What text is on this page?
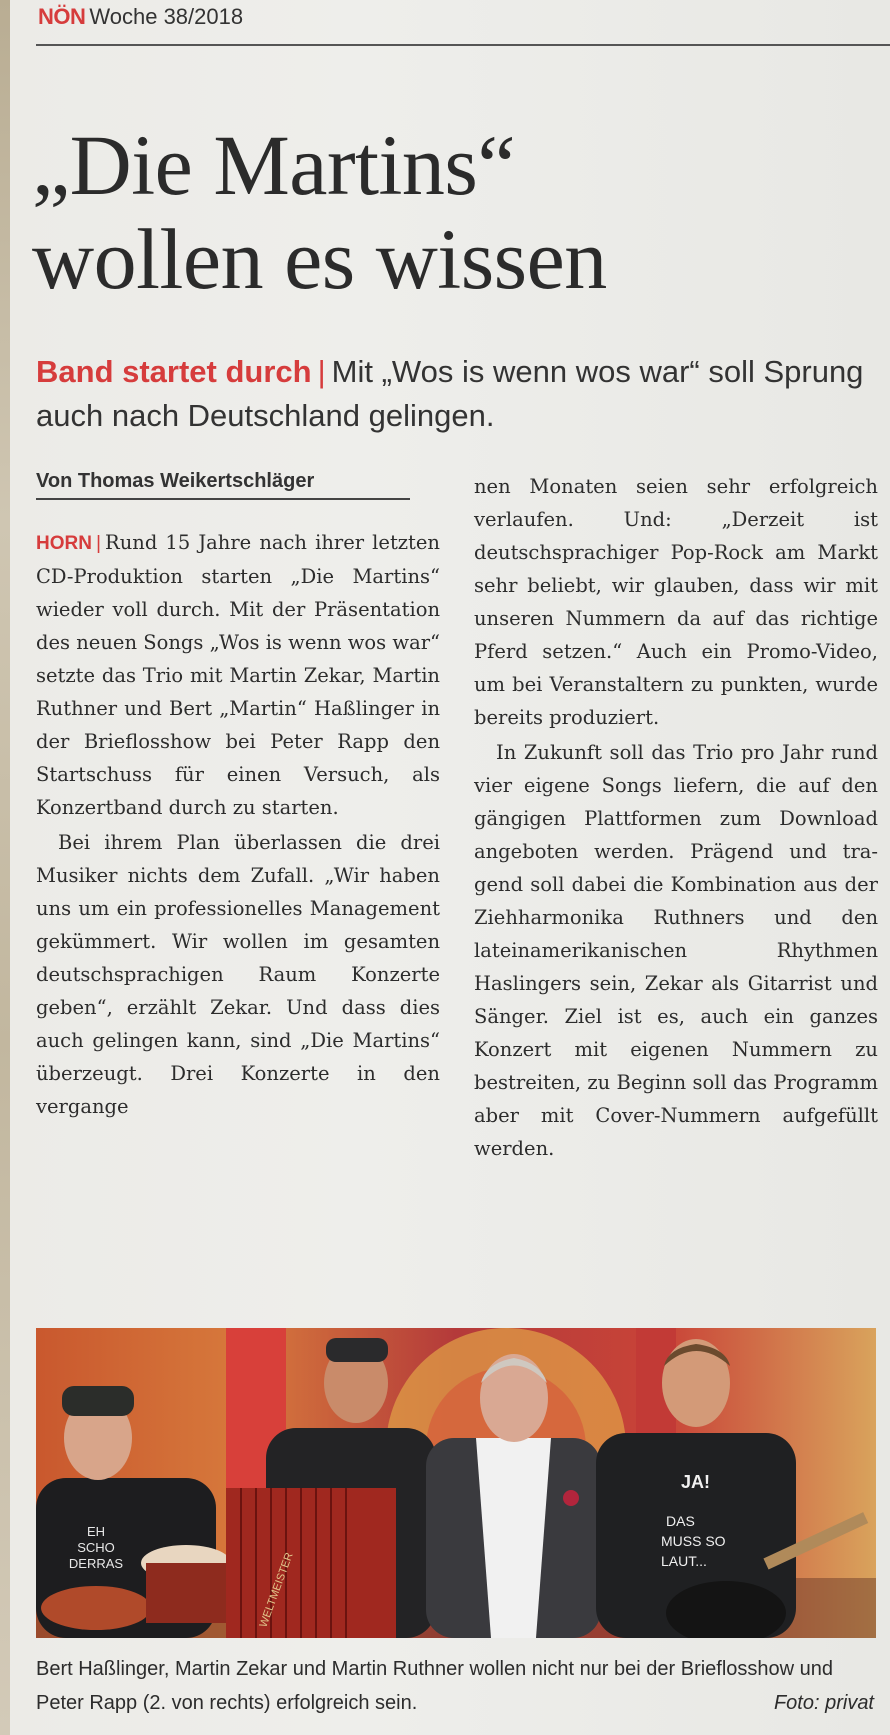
NÖN Woche 38/2018
„Die Martins“
wollen es wissen
Band startet durch | Mit „Wos is wenn wos war“ soll Sprung auch nach Deutschland gelingen.
Von Thomas Weikertschläger

HORN | Rund 15 Jahre nach ihrer letzten CD-Produktion starten „Die Martins“ wieder voll durch. Mit der Präsentation des neuen Songs „Wos is wenn wos war“ setzte das Trio mit Martin Zekar, Martin Ruthner und Bert „Martin“ Haßlinger in der Brieflosshow bei Peter Rapp den Startschuss für einen Versuch, als Konzertband durch zu starten.

Bei ihrem Plan überlassen die drei Musiker nichts dem Zufall. „Wir haben uns um ein professionelles Management gekümmert. Wir wollen im gesamten deutschsprachigen Raum Konzerte geben“, erzählt Zekar. Und dass dies auch gelingen kann, sind „Die Martins“ überzeugt. Drei Konzerte in den vergange

nen Monaten seien sehr erfolgreich verlaufen. Und: „Derzeit ist deutschsprachiger Pop-Rock am Markt sehr beliebt, wir glauben, dass wir mit unseren Nummern da auf das richtige Pferd setzen.“ Auch ein Promo-Video, um bei Veranstaltern zu punkten, wurde bereits produziert.

In Zukunft soll das Trio pro Jahr rund vier eigene Songs liefern, die auf den gängigen Plattformen zum Download angeboten werden. Prägend und tragend soll dabei die Kombination aus der Ziehharmonika Ruthners und den lateinamerikanischen Rhythmen Haslingers sein, Zekar als Gitarrist und Sänger. Ziel ist es, auch ein ganzes Konzert mit eigenen Nummern zu bestreiten, zu Beginn soll das Programm aber mit Cover-Nummern aufgefüllt werden.

EH
SCHO
DERRAS	WELTMEISTER
JA!
DAS
MUSS SO
LAUT...
Bert Haßlinger, Martin Zekar und Martin Ruthner wollen nicht nur bei der Brieflosshow und Peter Rapp (2. von rechts) erfolgreich sein.	Foto: privat
